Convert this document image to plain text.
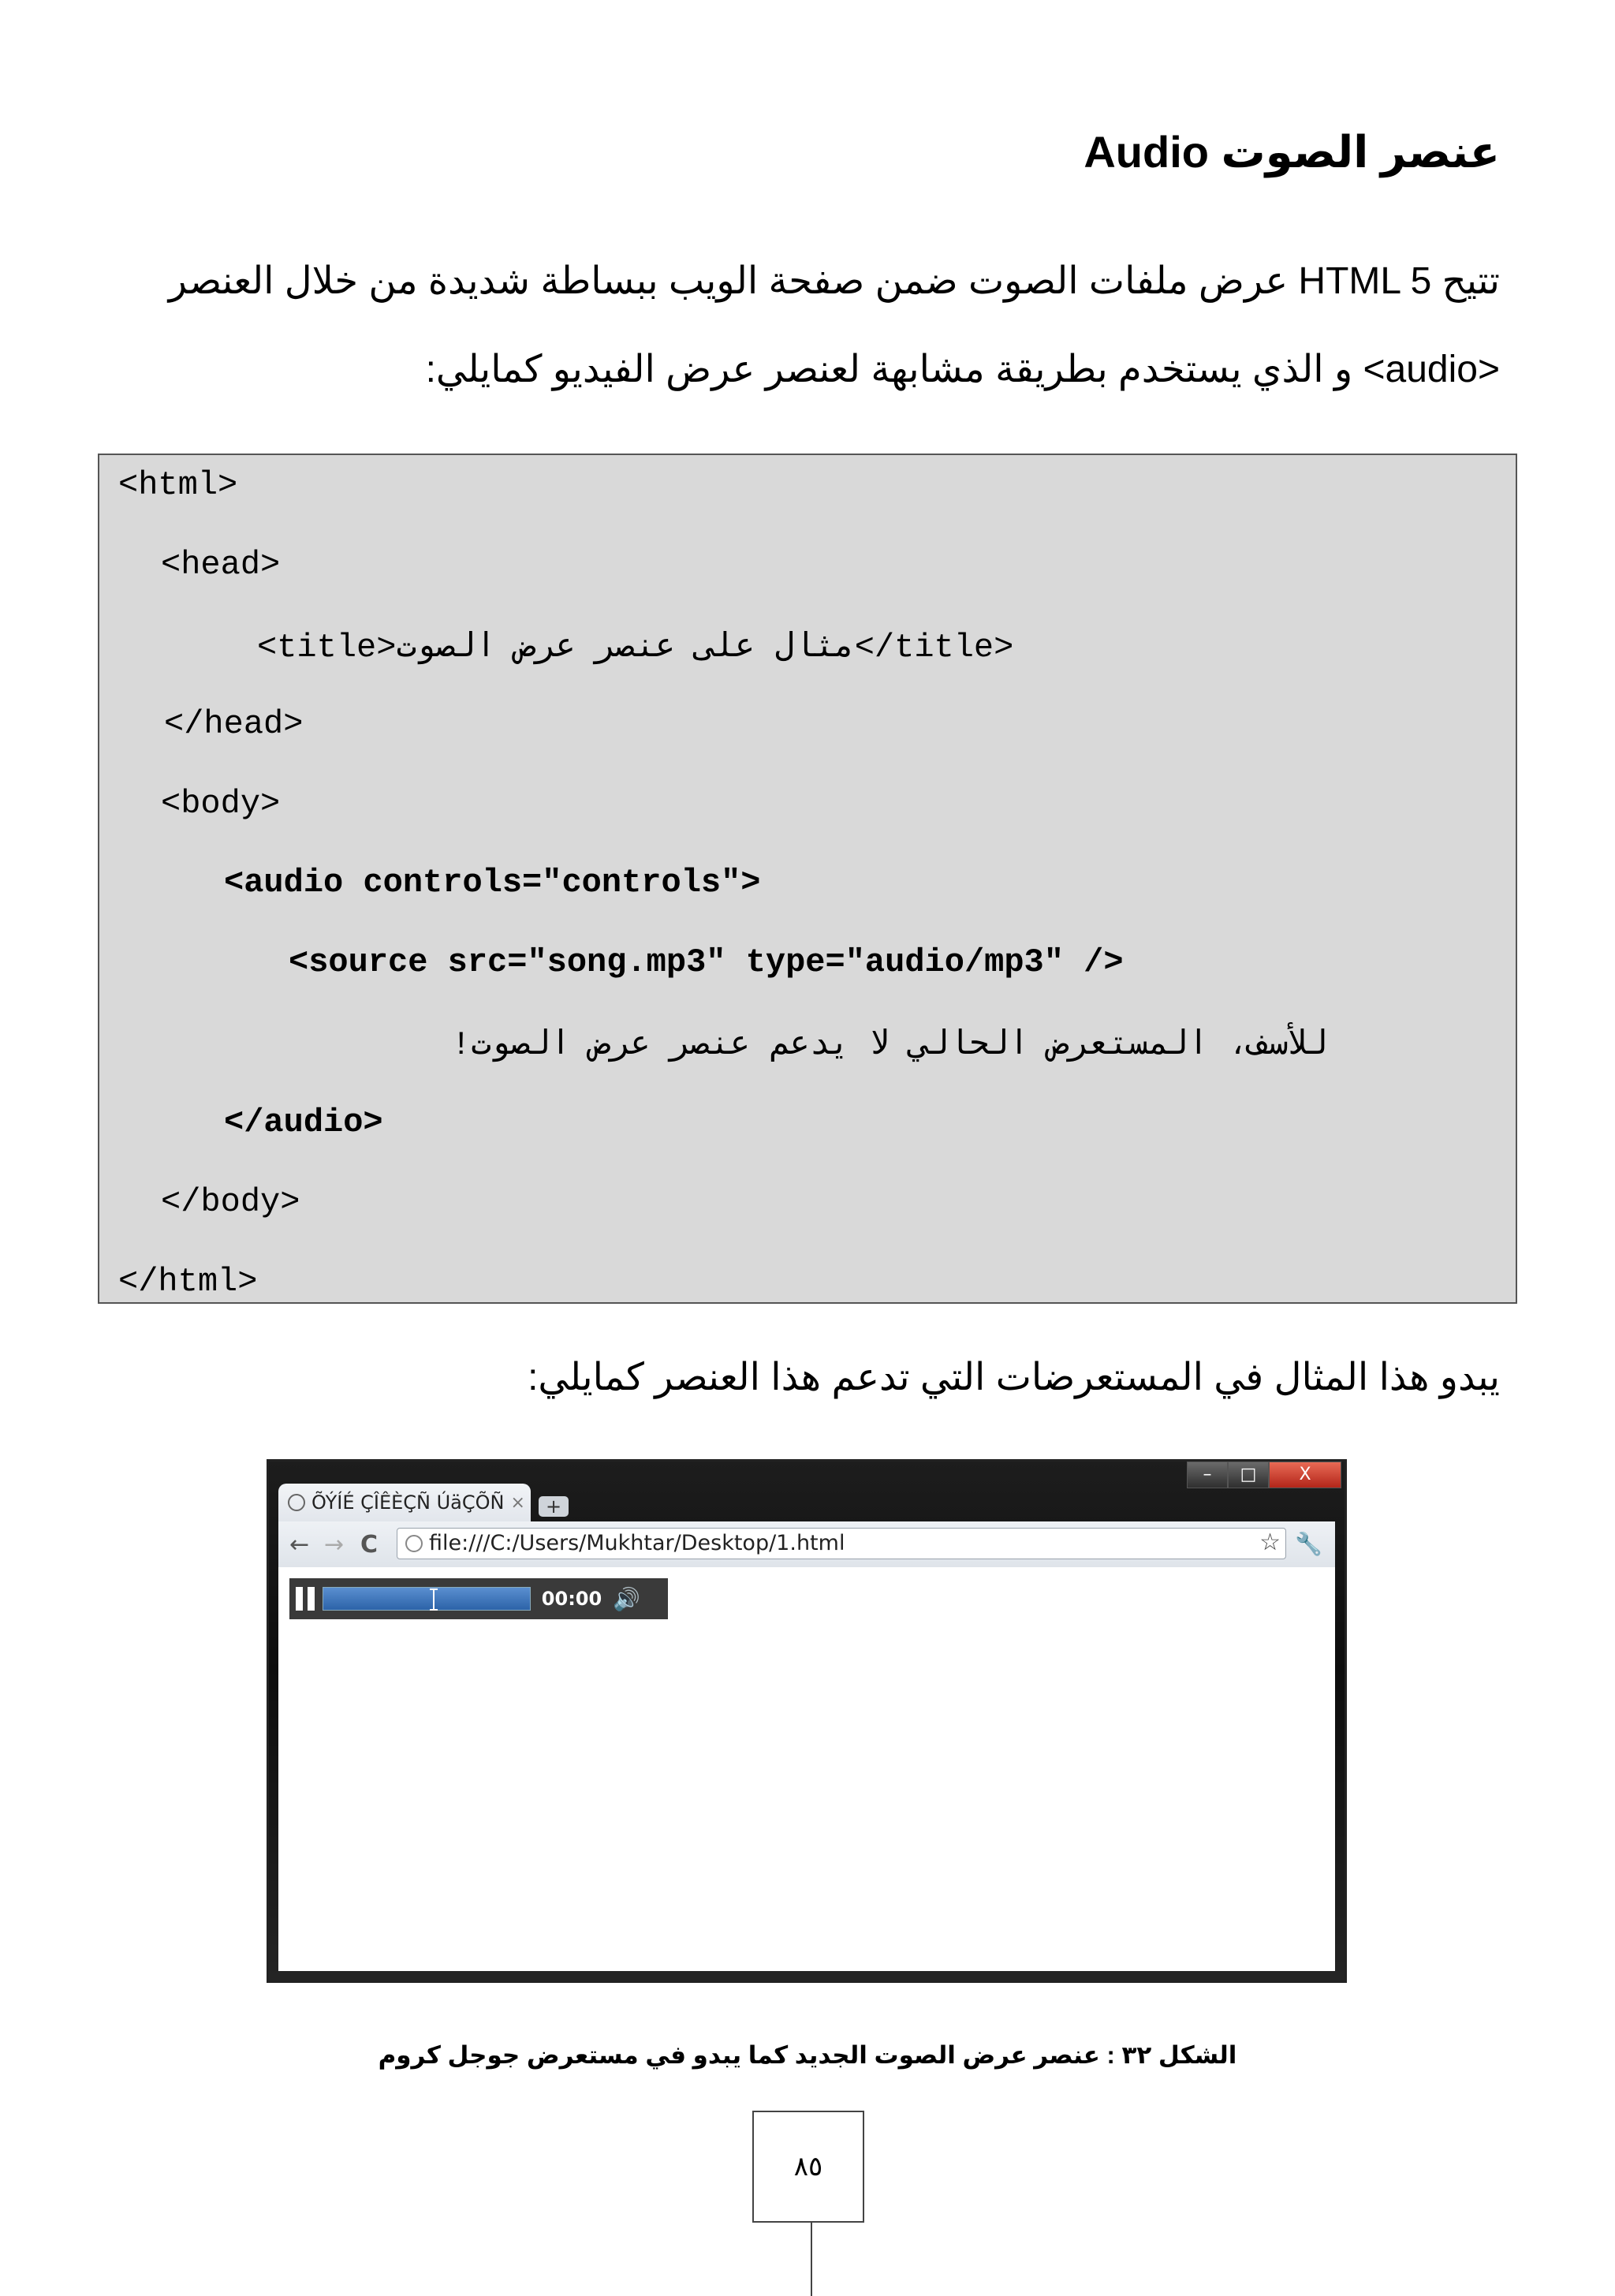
عنصر الصوت Audio
تتيح HTML 5 عرض ملفات الصوت ضمن صفحة الويب ببساطة شديدة من خلال العنصر
<audio> و الذي يستخدم بطريقة مشابهة لعنصر عرض الفيديو كمايلي:
<html>
<head>
<title>مثال على عنصر عرض الصوت</title>
</head>
<body>
<audio controls="controls">
<source src="song.mp3" type="audio/mp3" />
للأسف، المستعرض الحالي لا يدعم عنصر عرض الصوت!
</audio>
</body>
</html>
يبدو هذا المثال في المستعرضات التي تدعم هذا العنصر كمايلي:
ÕÝÍÉ ÇÎÊÈÇÑ ÚäÇÕÑ ×	+
–	□	X
← → C	file:///C:/Users/Mukhtar/Desktop/1.html	☆ 🔧
00:00 🔊
الشكل ٣٢ : عنصر عرض الصوت الجديد كما يبدو في مستعرض جوجل كروم
٨٥
